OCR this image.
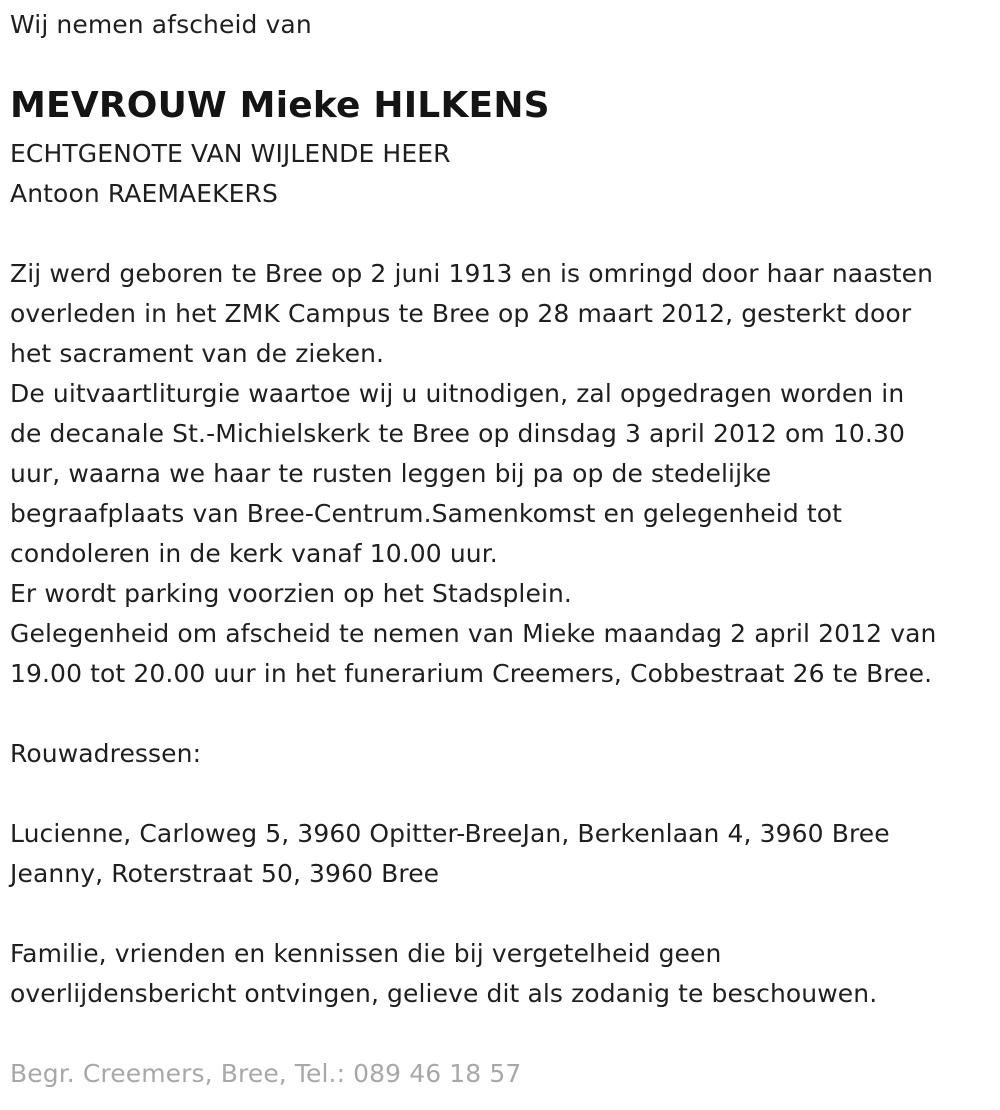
Wij nemen afscheid van
MEVROUW Mieke HILKENS
ECHTGENOTE VAN WIJLENDE HEER
Antoon RAEMAEKERS
Zij werd geboren te Bree op 2 juni 1913 en is omringd door haar naasten
overleden in het ZMK Campus te Bree op 28 maart 2012, gesterkt door
het sacrament van de zieken.
De uitvaartliturgie waartoe wij u uitnodigen, zal opgedragen worden in
de decanale St.-Michielskerk te Bree op dinsdag 3 april 2012 om 10.30
uur, waarna we haar te rusten leggen bij pa op de stedelijke
begraafplaats van Bree-Centrum.Samenkomst en gelegenheid tot
condoleren in de kerk vanaf 10.00 uur.
Er wordt parking voorzien op het Stadsplein.
Gelegenheid om afscheid te nemen van Mieke maandag 2 april 2012 van
19.00 tot 20.00 uur in het funerarium Creemers, Cobbestraat 26 te Bree.
Rouwadressen:
Lucienne, Carloweg 5, 3960 Opitter-BreeJan, Berkenlaan 4, 3960 Bree
Jeanny, Roterstraat 50, 3960 Bree
Familie, vrienden en kennissen die bij vergetelheid geen
overlijdensbericht ontvingen, gelieve dit als zodanig te beschouwen.
Begr. Creemers, Bree, Tel.: 089 46 18 57
